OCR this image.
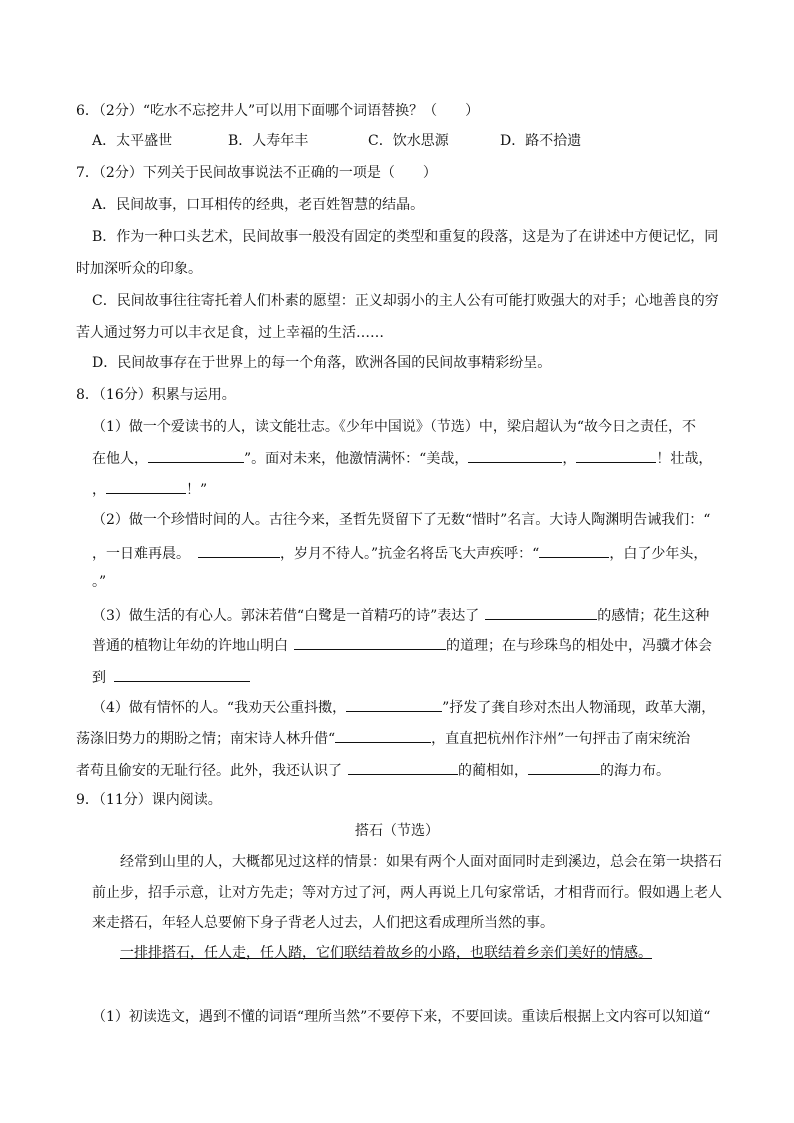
6．（2分）“吃水不忘挖井人”可以用下面哪个词语替换？（　　）
A．太平盛世	B．人寿年丰	C．饮水思源	D．路不拾遗
7．（2分）下列关于民间故事说法不正确的一项是（　　）
A．民间故事，口耳相传的经典，老百姓智慧的结晶。
B．作为一种口头艺术，民间故事一般没有固定的类型和重复的段落，这是为了在讲述中方便记忆，同
时加深听众的印象。
C．民间故事往往寄托着人们朴素的愿望：正义却弱小的主人公有可能打败强大的对手；心地善良的穷
苦人通过努力可以丰衣足食，过上幸福的生活……
D．民间故事存在于世界上的每一个角落，欧洲各国的民间故事精彩纷呈。
8．（16分）积累与运用。
（1）做一个爱读书的人，读文能壮志。《少年中国说》（节选）中，梁启超认为“故今日之责任，不
在他人，	”。面对未来，他激情满怀：“美哉，	，	！壮哉，
，	！”
（2）做一个珍惜时间的人。古往今来，圣哲先贤留下了无数“惜时”名言。大诗人陶渊明告诫我们：“
，一日难再晨。	，岁月不待人。”抗金名将岳飞大声疾呼：“	，白了少年头，
。”
（3）做生活的有心人。郭沫若借“白鹭是一首精巧的诗”表达了	的感情；花生这种
普通的植物让年幼的许地山明白	的道理；在与珍珠鸟的相处中，冯骥才体会
到
（4）做有情怀的人。“我劝天公重抖擞，	”抒发了龚自珍对杰出人物涌现，政革大潮，
荡涤旧势力的期盼之情；南宋诗人林升借“	，直直把杭州作汴州”一句抨击了南宋统治
者苟且偷安的无耻行径。此外，我还认识了	的蔺相如，	的海力布。
9．（11分）课内阅读。
搭石（节选）
经常到山里的人，大概都见过这样的情景：如果有两个人面对面同时走到溪边，总会在第一块搭石
前止步，招手示意，让对方先走；等对方过了河，两人再说上几句家常话，才相背而行。假如遇上老人
来走搭石，年轻人总要俯下身子背老人过去，人们把这看成理所当然的事。
一排排搭石，任人走，任人踏，它们联结着故乡的小路，也联结着乡亲们美好的情感。
（1）初读选文，遇到不懂的词语“理所当然”不要停下来，不要回读。重读后根据上文内容可以知道“
